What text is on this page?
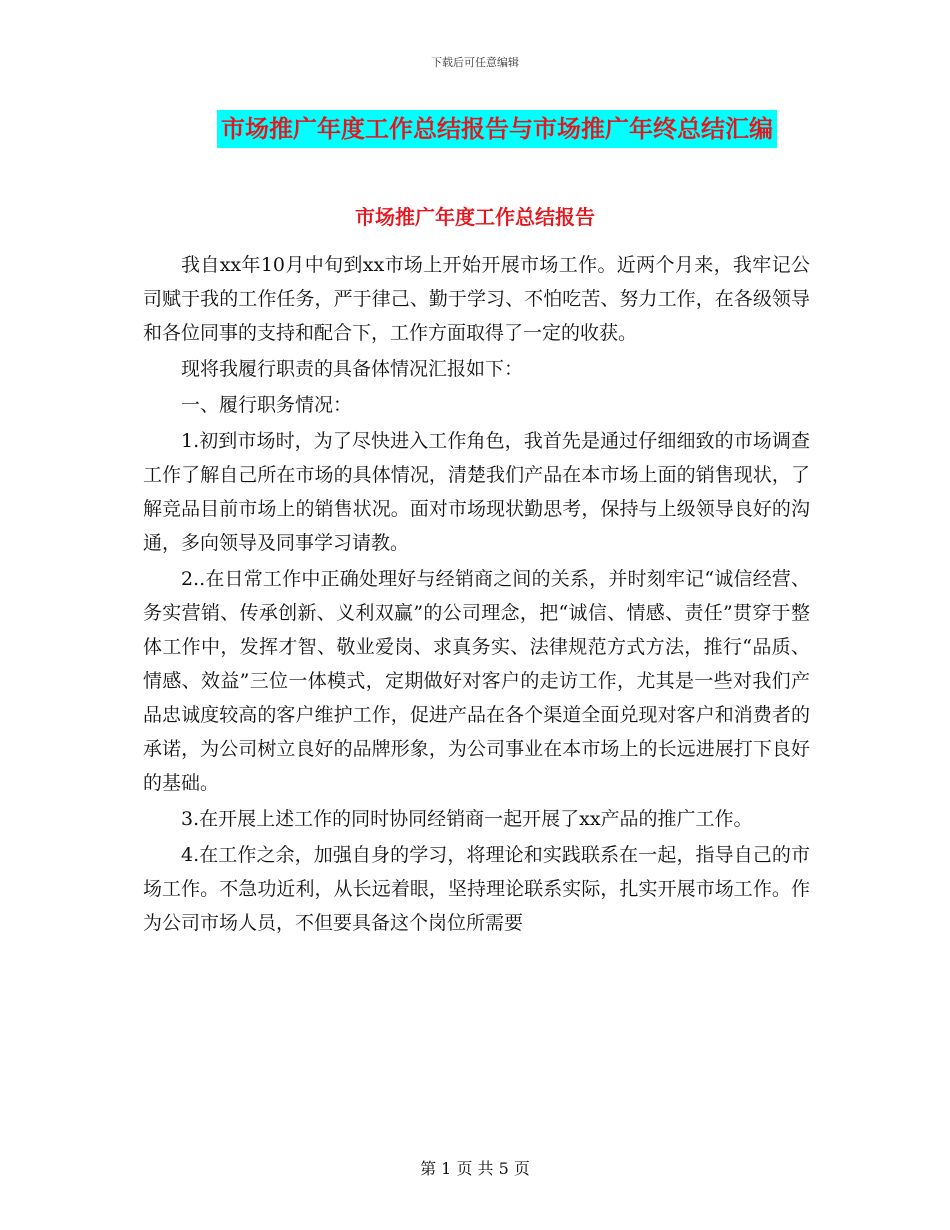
下载后可任意编辑
市场推广年度工作总结报告与市场推广年终总结汇编
市场推广年度工作总结报告

我自xx年10月中旬到xx市场上开始开展市场工作。近两个月来，我牢记公司赋于我的工作任务，严于律己、勤于学习、不怕吃苦、努力工作，在各级领导和各位同事的支持和配合下，工作方面取得了一定的收获。

现将我履行职责的具备体情况汇报如下：

一、履行职务情况：

1.初到市场时，为了尽快进入工作角色，我首先是通过仔细细致的市场调查工作了解自己所在市场的具体情况，清楚我们产品在本市场上面的销售现状，了解竞品目前市场上的销售状况。面对市场现状勤思考，保持与上级领导良好的沟通，多向领导及同事学习请教。

2..在日常工作中正确处理好与经销商之间的关系，并时刻牢记“诚信经营、务实营销、传承创新、义利双赢”的公司理念，把“诚信、情感、责任”贯穿于整体工作中，发挥才智、敬业爱岗、求真务实、法律规范方式方法，推行“品质、情感、效益”三位一体模式，定期做好对客户的走访工作，尤其是一些对我们产品忠诚度较高的客户维护工作，促进产品在各个渠道全面兑现对客户和消费者的承诺，为公司树立良好的品牌形象，为公司事业在本市场上的长远进展打下良好的基础。

3.在开展上述工作的同时协同经销商一起开展了xx产品的推广工作。

4.在工作之余，加强自身的学习，将理论和实践联系在一起，指导自己的市场工作。不急功近利，从长远着眼，坚持理论联系实际，扎实开展市场工作。作为公司市场人员，不但要具备这个岗位所需要

第 1 页 共 5 页
